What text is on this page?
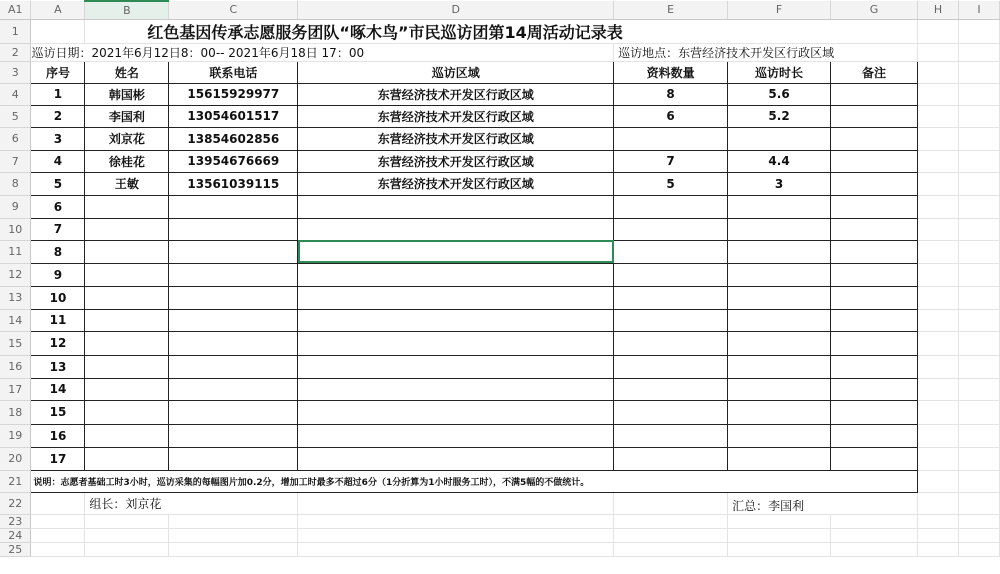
A1	A	B	C	D	E	F	G	H	I
1		红色基因传承志愿服务团队“啄木鸟”市民巡访团第14周活动记录表							
2	巡访日期：2021年6月12日8：00-- 2021年6月18日 17：00				巡访地点：东营经济技术开发区行政区域				
3	序号	姓名	联系电话	巡访区域	资料数量	巡访时长	备注		
4	1	韩国彬	15615929977	东营经济技术开发区行政区域	8	5.6			
5	2	李国利	13054601517	东营经济技术开发区行政区域	6	5.2			
6	3	刘京花	13854602856	东营经济技术开发区行政区域					
7	4	徐桂花	13954676669	东营经济技术开发区行政区域	7	4.4			
8	5	王敏	13561039115	东营经济技术开发区行政区域	5	3			
9	6								
10	7								
11	8								
12	9								
13	10								
14	11								
15	12								
16	13								
17	14								
18	15								
19	16								
20	17								
21	说明：志愿者基础工时3小时，巡访采集的每幅图片加0.2分，增加工时最多不超过6分（1分折算为1小时服务工时），不满5幅的不做统计。								
22		组长：刘京花				汇总：李国利			
23									
24									
25									
